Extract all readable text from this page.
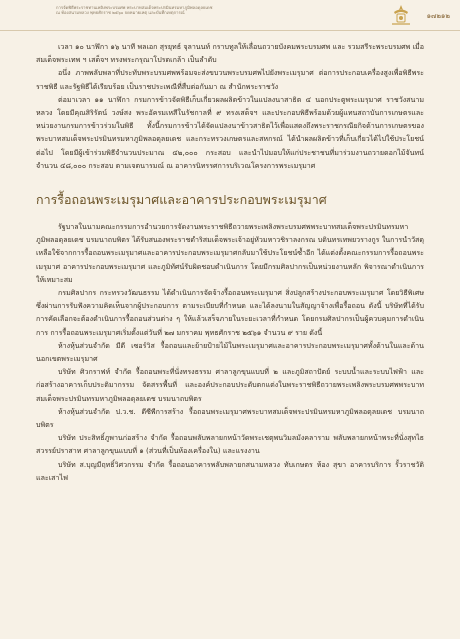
การจัดพิธีพระราชทานเพลิงพระบรมศพ พระบาทสมเด็จพระปรมินทรมหาภูมิพลอดุลยเดช
ณ ท้องสนามหลวง พุทธศักราช ๒๕๖๐ จดหมายเหตุ และบันทึกเหตุการณ์	๑๗๒๑๒

เวลา ๑๐ นาฬิกา ๑๖ นาที พลเอก สุรยุทธ์ จุลานนท์ กราบทูลให้เลื่อนถวายบังคมพระบรมศพ และ รวมสรีระพระบรมศพ เมื่อสมเด็จพระเทพ ฯ เสด็จฯ ทรงพระกรุณาโปรดเกล้า เป็นลำดับ

อนึ่ง ภาพพลับพลาที่ประทับพระบรมศพพร้อมจะส่งขบวนพระบรมศพไปยังพระเมรุมาศ ต่อการประกอบเครื่องสูงเพื่อพิธีพระราชพิธี และรัฐพิธีได้เรียบร้อย เป็นราชประเพณีที่สืบต่อกันมา ณ สำนักพระราชวัง

ต่อมาเวลา ๑๑ นาฬิกา กรมการข้าวจัดพิธีเก็บเกี่ยวผลผลิตข้าวในแปลงนาสาธิต ๔ นอกประตูพระเมรุมาศ ราชวังสนามหลวง โดยมีคุณสิริรัตน์ วงษ์สง พระอัครมเหสีในรัชกาลที่ ๙ ทรงเสด็จฯ และประกอบพิธีพร้อมด้วยผู้แทนสถาบันการเกษตรและหน่วยงานกรมการข้าวร่วมในพิธี ทั้งนี้กรมการข้าวได้จัดแปลงนาข้าวสาธิตไว้เพื่อแสดงถึงพระราชกรณียกิจด้านการเกษตรของพระบาทสมเด็จพระปรมินทรมหาภูมิพลอดุลยเดช และกระทรวงเกษตรและสหกรณ์ ได้นำผลผลิตข้าวที่เก็บเกี่ยวได้ไปใช้ประโยชน์ต่อไป โดยมีผู้เข้าร่วมพิธีจำนวนประมาณ ๔๒,๐๐๐ กระสอบ และนำไปมอบให้แก่ประชาชนที่มาร่วมงานถวายดอกไม้จันทน์ จำนวน ๔๘,๐๐๐ กระสอบ ตามเจตนารมณ์ ณ อาคารนิทรรศการบริเวณโครงการพระเมรุมาศ

การรื้อถอนพระเมรุมาศและอาคารประกอบพระเมรุมาศ

รัฐบาลในนามคณะกรรมการอำนวยการจัดงานพระราชพิธีถวายพระเพลิงพระบรมศพพระบาทสมเด็จพระปรมินทรมหาภูมิพลอดุลยเดช บรมนาถบพิตร ได้รับสนองพระราชดำริสมเด็จพระเจ้าอยู่หัวมหาวชิราลงกรณ บดินทรเทพยวรางกูร ในการนำวัสดุเหลือใช้จากการรื้อถอนพระเมรุมาศและอาคารประกอบพระเมรุมาศกลับมาใช้ประโยชน์ซ้ำอีก ได้แต่งตั้งคณะกรรมการรื้อถอนพระเมรุมาศ อาคารประกอบพระเมรุมาศ และภูมิทัศน์รับผิดชอบดำเนินการ โดยมีกรมศิลปากรเป็นหน่วยงานหลัก พิจารณาดำเนินการให้เหมาะสม

กรมศิลปากร กระทรวงวัฒนธรรม ได้ดำเนินการจัดจ้างรื้อถอนพระเมรุมาศ สิ่งปลูกสร้างประกอบพระเมรุมาศ โดยวิธีพิเศษ ซึ่งผ่านการรับฟังความคิดเห็นจากผู้ประกอบการ ตามระเบียบที่กำหนด และได้ลงนามในสัญญาจ้างเพื่อรื้อถอน ดังนี้ บริษัทที่ได้รับการคัดเลือกจะต้องดำเนินการรื้อถอนส่วนต่าง ๆ ให้แล้วเสร็จภายในระยะเวลาที่กำหนด โดยกรมศิลปากรเป็นผู้ควบคุมการดำเนินการ การรื้อถอนพระเมรุมาศเริ่มตั้งแต่วันที่ ๒๗ มกราคม พุทธศักราช ๒๕๖๑ จำนวน ๙ ราย ดังนี้

ห้างหุ้นส่วนจำกัด มีดี เซอร์วิส รื้อถอนและย้ายป้ายไม้ในพระเมรุมาศและอาคารประกอบพระเมรุมาศทั้งด้านในและด้านนอกเขตพระเมรุมาศ

บริษัท ศิวกราฟท์ จำกัด รื้อถอนพระที่นั่งทรงธรรม ศาลาลูกขุนแบบที่ ๒ และภูมิสถาปัตย์ ระบบน้ำและระบบไฟฟ้า และก่อสร้างอาคารเก็บประติมากรรม จัดสรรพื้นที่ และองค์ประกอบประดับตกแต่งในพระราชพิธีถวายพระเพลิงพระบรมศพพระบาทสมเด็จพระปรมินทรมหาภูมิพลอดุลยเดช บรมนาถบพิตร

ห้างหุ้นส่วนจำกัด ป.ว.ช. ดีซีพีการสร้าง รื้อถอนพระเมรุมาศพระบาทสมเด็จพระปรมินทรมหาภูมิพลอดุลยเดช บรมนาถบพิตร

บริษัท ประสิทธิ์ภูพานก่อสร้าง จำกัด รื้อถอนพลับพลายกหน้าวัดพระเชตุพนวิมลมังคลาราม พลับพลายกหน้าพระที่นั่งสุทไธสวรรย์ปราสาท ศาลาลูกขุนแบบที่ ๑ (ส่วนที่เป็นห้องเครื่องใน) และแรงงาน

บริษัท ส.บุญมีฤทธิ์วิศวกรรม จำกัด รื้อถอนอาคารพลับพลายกสนามหลวง ทับเกษตร ห้อง สุขา อาคารบริการ รั้วราชวัติ และเสาไฟ
